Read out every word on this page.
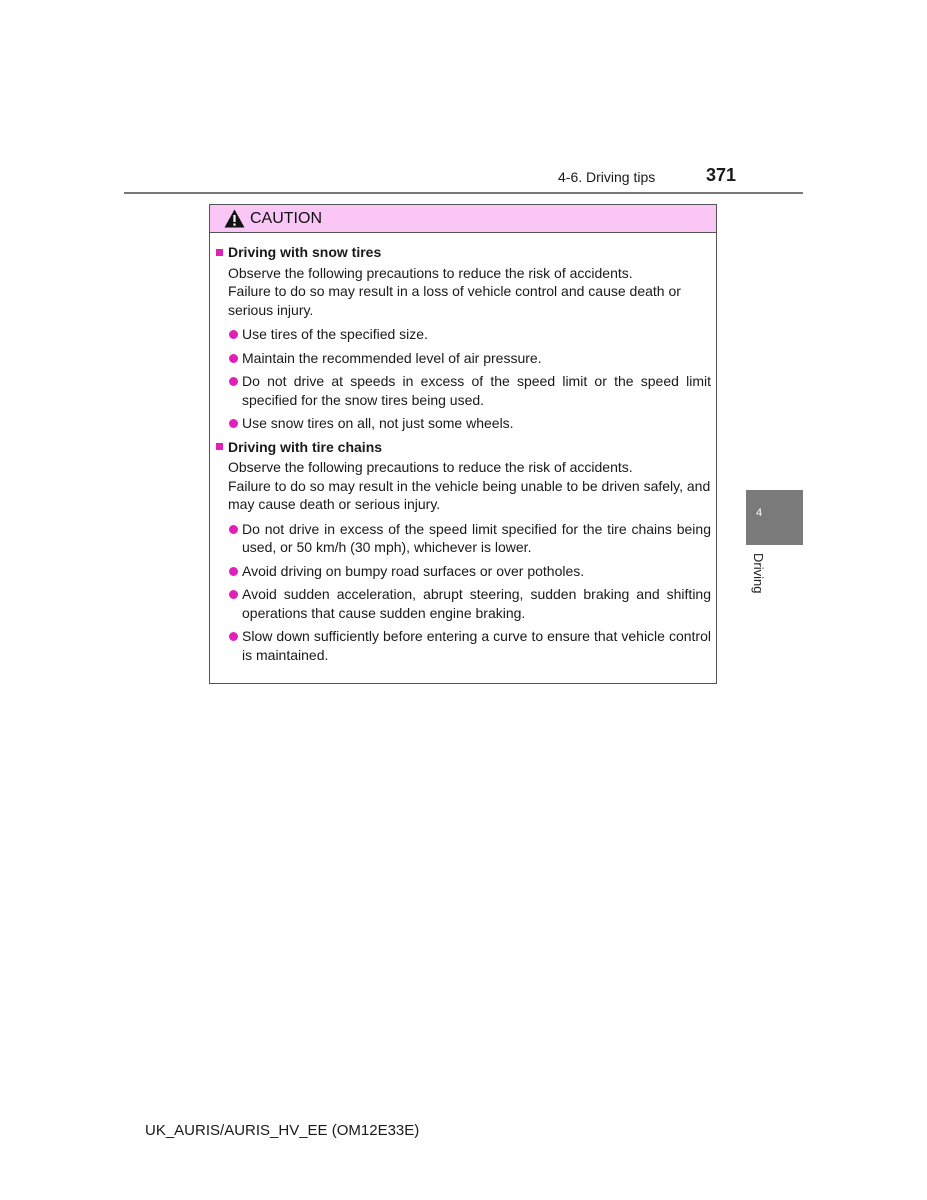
4-6. Driving tips	371
CAUTION
Driving with snow tires
Observe the following precautions to reduce the risk of accidents.
Failure to do so may result in a loss of vehicle control and cause death or serious injury.
Use tires of the specified size.
Maintain the recommended level of air pressure.
Do not drive at speeds in excess of the speed limit or the speed limit specified for the snow tires being used.
Use snow tires on all, not just some wheels.
Driving with tire chains
Observe the following precautions to reduce the risk of accidents.
Failure to do so may result in the vehicle being unable to be driven safely, and may cause death or serious injury.
Do not drive in excess of the speed limit specified for the tire chains being used, or 50 km/h (30 mph), whichever is lower.
Avoid driving on bumpy road surfaces or over potholes.
Avoid sudden acceleration, abrupt steering, sudden braking and shifting operations that cause sudden engine braking.
Slow down sufficiently before entering a curve to ensure that vehicle control is maintained.
4
Driving
UK_AURIS/AURIS_HV_EE (OM12E33E)
